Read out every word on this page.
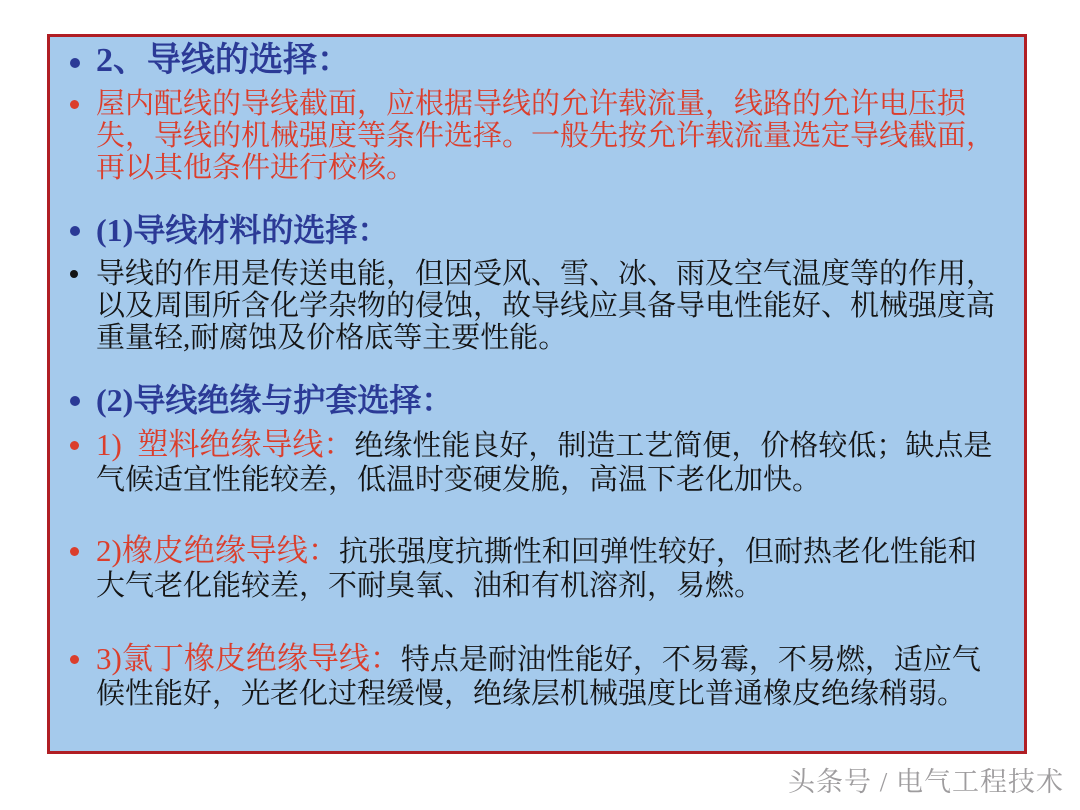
2、导线的选择：
屋内配线的导线截面，应根据导线的允许载流量，线路的允许电压损失，导线的机械强度等条件选择。一般先按允许载流量选定导线截面，再以其他条件进行校核。
(1)导线材料的选择：
导线的作用是传送电能，但因受风、雪、冰、雨及空气温度等的作用，以及周围所含化学杂物的侵蚀，故导线应具备导电性能好、机械强度高重量轻,耐腐蚀及价格底等主要性能。
(2)导线绝缘与护套选择：
1)  塑料绝缘导线：绝缘性能良好，制造工艺简便，价格较低；缺点是气候适宜性能较差，低温时变硬发脆，高温下老化加快。
2)橡皮绝缘导线：抗张强度抗撕性和回弹性较好，但耐热老化性能和大气老化能较差，不耐臭氧、油和有机溶剂，易燃。
3)氯丁橡皮绝缘导线：特点是耐油性能好，不易霉，不易燃，适应气候性能好，光老化过程缓慢，绝缘层机械强度比普通橡皮绝缘稍弱。
头条号 / 电气工程技术
